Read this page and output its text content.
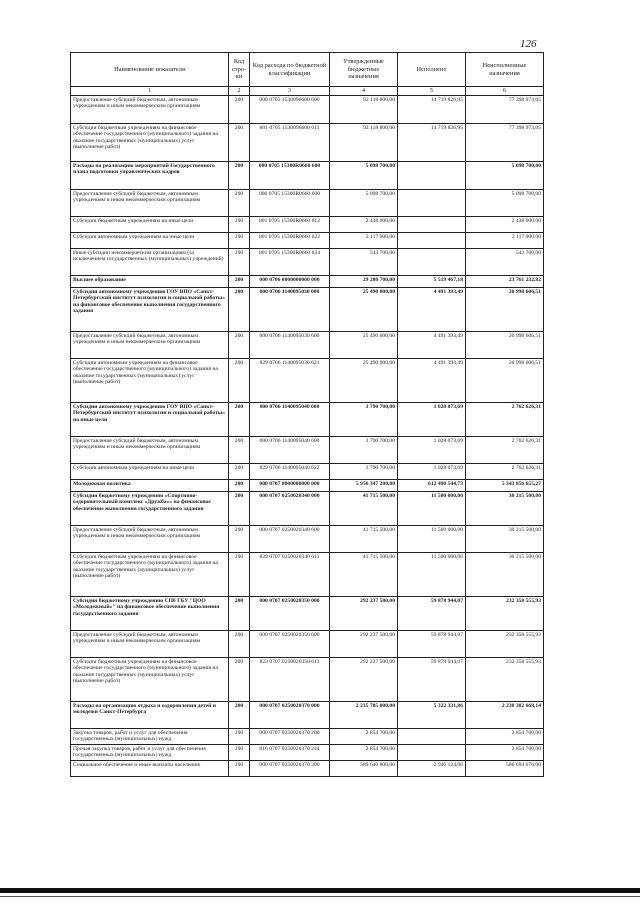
126
Наименование показателя	Код стро-ки	Код расхода по бюджетной классификации	Утвержденные бюджетные назначения	Исполнено	Неисполненные назначения
1	2	3	4	5	6
Предоставление субсидий бюджетным, автономным учреждениям и иным некоммерческим организациям	200	000 0705 1530096600 600	92 118 800,00	14 719 826,95	77 398 973,05
Субсидии бюджетным учреждениям на финансовое обеспечение государственного (муниципального) задания на оказание государственных (муниципальных) услуг (выполнение работ)	200	801 0705 1530096600 611	92 118 800,00	14 719 826,95	77 398 973,05
Расходы на реализацию мероприятий Государственного плана подготовки управленческих кадров	200	000 0705 15300R0660 600	5 098 700,00		5 098 700,00
Предоставление субсидий бюджетным, автономным учреждениям и иным некоммерческим организациям	200	000 0705 15300R0660 600	5 098 700,00		5 098 700,00
Субсидии бюджетным учреждениям на иные цели	200	801 0705 15300R0660 612	2 438 000,00		2 438 000,00
Субсидии автономным учреждениям на иные цели	200	801 0705 15300R0660 622	2 117 000,00		2 117 000,00
Иные субсидии некоммерческим организациям (за исключением государственных (муниципальных) учреждений)	200	801 0705 15300R0660 634	543 700,00		543 700,00
Высшее образование	200	000 0706 0000000000 000	29 280 700,00	5 519 467,18	23 761 232,82
Субсидии автономному учреждению ГОУ ВПО «Санкт-Петербургский институт психологии и социальной работы» на финансовое обеспечение выполнения государственного задания	200	000 0706 1140095030 000	25 490 000,00	4 491 393,49	20 998 606,51
Предоставление субсидий бюджетным, автономным учреждениям и иным некоммерческим организациям	200	000 0706 1140095030 600	25 490 000,00	4 491 393,49	20 998 606,51
Субсидии автономным учреждениям на финансовое обеспечение государственного (муниципального) задания на оказание государственных (муниципальных) услуг (выполнение работ)	200	829 0706 1140095030 621	25 490 000,00	4 491 393,49	20 998 606,51
Субсидии автономному учреждению ГОУ ВПО «Санкт-Петербургский институт психологии и социальной работы» на иные цели	200	000 0706 1140095040 000	3 790 700,00	1 028 073,69	2 762 626,31
Предоставление субсидий бюджетным, автономным учреждениям и иным некоммерческим организациям	200	000 0706 1140095040 600	3 790 700,00	1 028 073,69	2 762 626,31
Субсидии автономным учреждениям на иные цели	200	829 0706 1140095040 622	3 790 700,00	1 028 073,69	2 762 626,31
Молодежная политика	200	000 0707 0000000000 000	5 956 347 200,00	612 490 544,73	5 343 856 655,27
Субсидии бюджетному учреждению «Спортивно-оздоровительный комплекс «Дружба»» на финансовое обеспечение выполнения государственного задания	200	000 0707 0250020340 000	41 715 500,00	11 500 000,00	30 215 500,00
Предоставление субсидий бюджетным, автономным учреждениям и иным некоммерческим организациям	200	000 0707 0250020340 600	41 715 500,00	11 500 000,00	30 215 500,00
Субсидии бюджетным учреждениям на финансовое обеспечение государственного (муниципального) задания на оказание государственных (муниципальных) услуг (выполнение работ)	200	829 0707 0250020340 611	41 715 500,00	11 500 000,00	30 215 500,00
Субсидии бюджетному учреждению СПб ГБУ "ЦОО «Молодежный»" на финансовое обеспечение выполнения государственного задания	200	000 0707 0250020350 000	292 237 500,00	59 878 944,07	232 358 555,93
Предоставление субсидий бюджетным, автономным учреждениям и иным некоммерческим организациям	200	000 0707 0250020350 600	292 237 500,00	59 878 944,07	232 358 555,93
Субсидии бюджетным учреждениям на финансовое обеспечение государственного (муниципального) задания на оказание государственных (муниципальных) услуг (выполнение работ)	200	823 0707 0250020350 611	292 237 500,00	59 878 944,07	232 358 555,93
Расходы на организацию отдыха и оздоровления детей и молодежи Санкт-Петербурга	200	000 0707 0250020370 000	2 235 705 000,00	5 322 331,86	2 230 382 668,14
Закупка товаров, работ и услуг для обеспечения государственных (муниципальных) нужд	200	000 0707 0250020370 200	2 854 700,00		2 854 700,00
Прочая закупка товаров, работ и услуг для обеспечения государственных (муниципальных) нужд	200	816 0707 0250020370 244	2 854 700,00		2 854 700,00
Социальное обеспечение и иные выплаты населению	200	000 0707 0250020370 300	589 640 800,00	2 946 124,00	586 694 676,00
